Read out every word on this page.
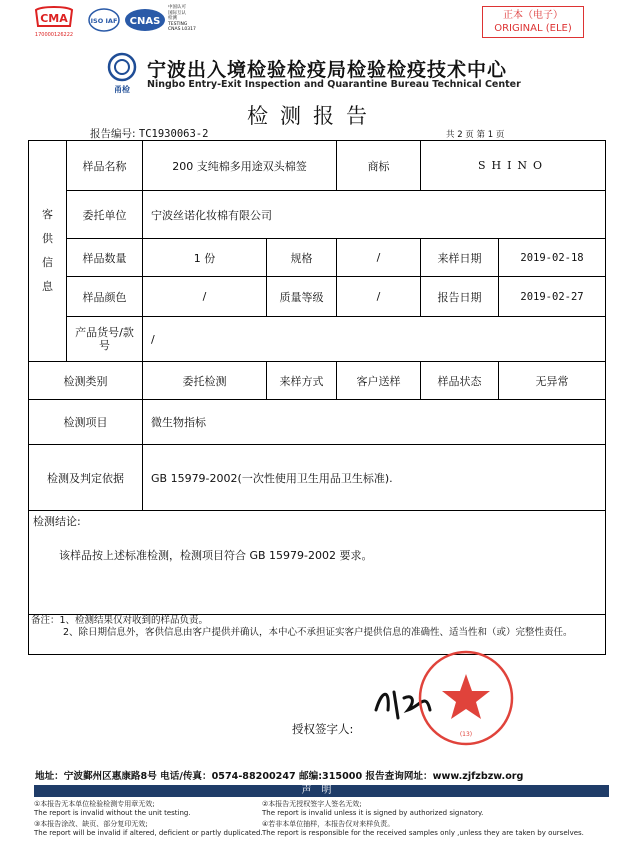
CMA
170000126222
ISO IAF CNAS
中国认可
国际互认
检测
TESTING
CNAS L0317
正本（电子）
ORIGINAL (ELE)
甬检
宁波出入境检验检疫局检验检疫技术中心
Ningbo Entry-Exit Inspection and Quarantine Bureau Technical Center
检测报告
报告编号: TC1930063-2	共 2 页 第 1 页
客
供
信
息	样品名称	200 支纯棉多用途双头棉签		商标	SHINO	
	委托单位	宁波丝诺化妆棉有限公司				
	样品数量	1 份	规格	/	来样日期	2019-02-18
	样品颜色	/	质量等级	/	报告日期	2019-02-27
	产品货号/款号	/				
检测类别		委托检测	来样方式	客户送样	样品状态	无异常
检测项目		微生物指标				
检测及判定依据		GB 15979-2002(一次性使用卫生用品卫生标准).				

检测结论:
该样品按上述标准检测，检测项目符合 GB 15979-2002 要求。						

备注：1、检测结果仅对收到的样品负责。
2、除日期信息外，客供信息由客户提供并确认，本中心不承担证实客户提供信息的准确性、适当性和（或）完整性责任。						
授权签字人:	(13)
地址：宁波鄞州区惠康路8号 电话/传真：0574-88200247 邮编:315000 报告查询网址：www.zjfzbzw.org
声明
①本报告无本单位检验检测专用章无效;
The report is invalid without the unit testing.
②本报告无授权签字人签名无效;
The report is invalid unless it is signed by authorized signatory.
③本报告涂改、缺页、部分复印无效;
The report will be invalid if altered, deficient or partly duplicated.
④若非本单位抽样，本报告仅对来样负责。
The report is responsible for the received samples only ,unless they are taken by ourselves.
